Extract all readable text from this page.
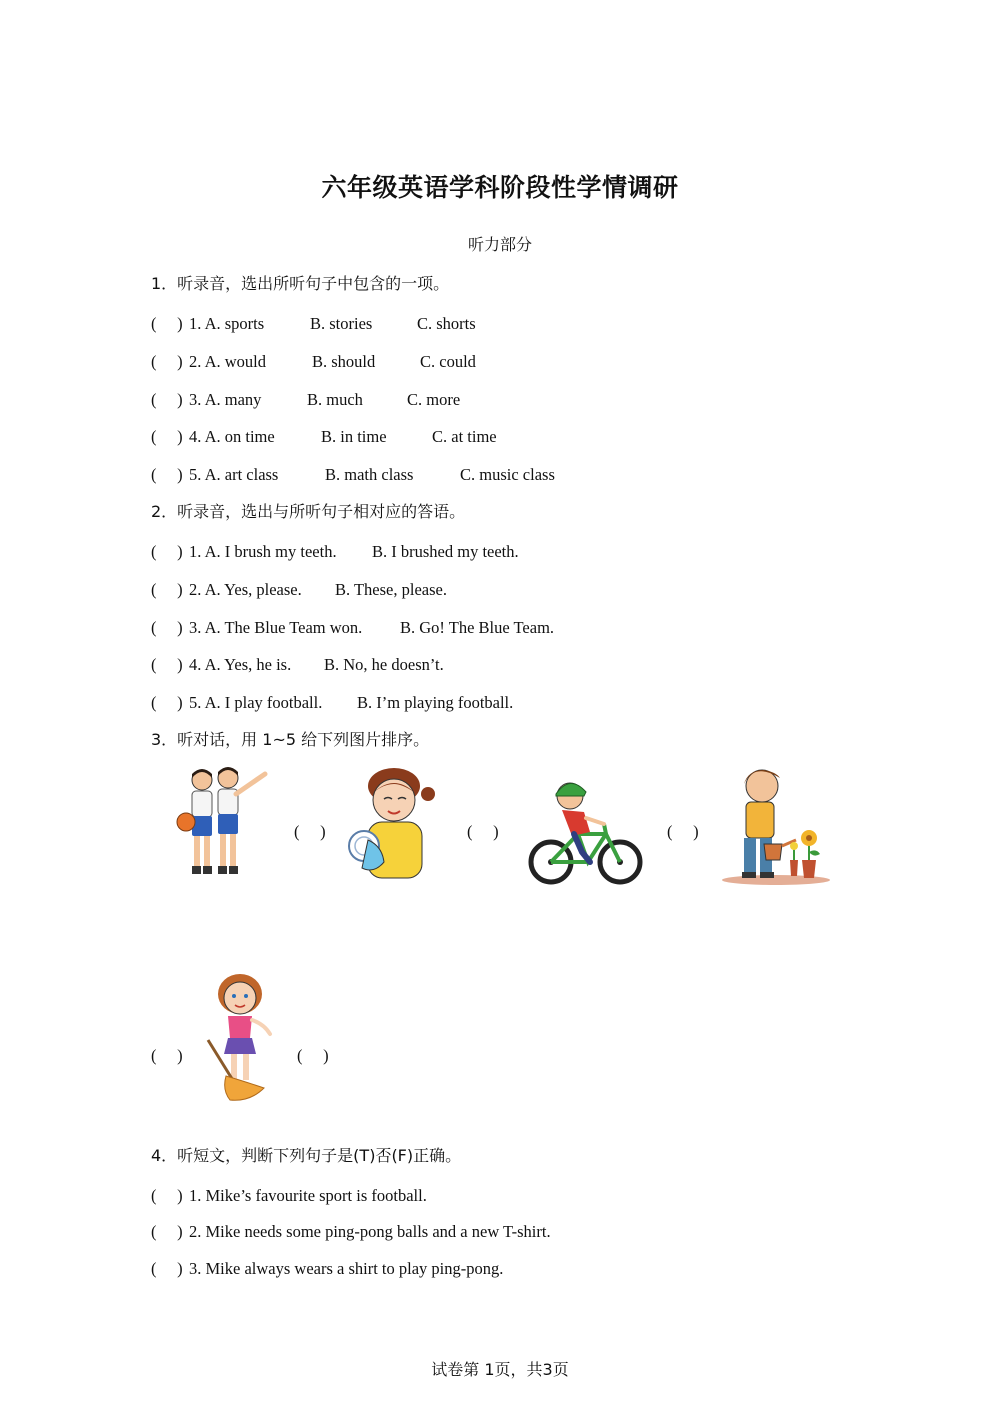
六年级英语学科阶段性学情调研
听力部分
1．听录音，选出所听句子中包含的一项。
(　 ) 1. A. sports	B. stories	C. shorts
(　 ) 2. A. would	B. should	C. could
(　 ) 3. A. many	B. much	C. more
(　 ) 4. A. on time	B. in time	C. at time
(　 ) 5. A. art class	B. math class	C. music class
2．听录音，选出与所听句子相对应的答语。
(　 ) 1. A. I brush my teeth. B. I brushed my teeth.
(　 ) 2. A. Yes, please. B. These, please.
(　 ) 3. A. The Blue Team won. B. Go! The Blue Team.
(　 ) 4. A. Yes, he is. B. No, he doesn’t.
(　 ) 5. A. I play football. B. I’m playing football.
3．听对话，用 1~5 给下列图片排序。
(　 )	(　 )	(　 )
(　 )	(　 )
4．听短文，判断下列句子是(T)否(F)正确。
(　 ) 1. Mike’s favourite sport is football.
(　 ) 2. Mike needs some ping-pong balls and a new T-shirt.
(　 ) 3. Mike always wears a shirt to play ping-pong.
试卷第 1页，共3页
